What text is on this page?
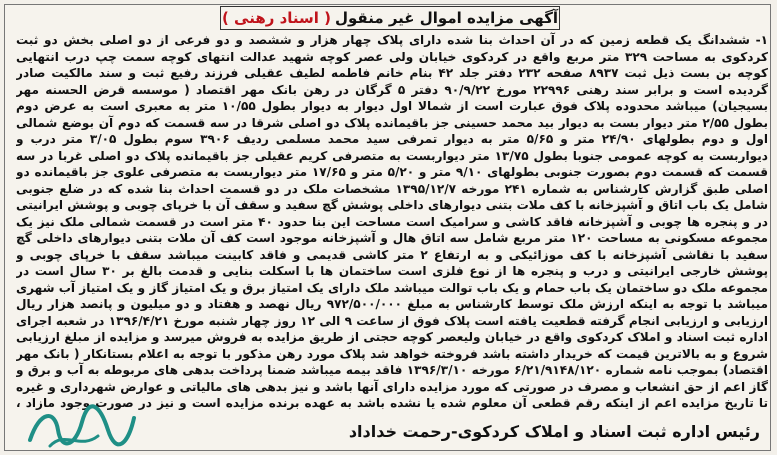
آگهی مزایده اموال غیر منقول
( اسناد رهنی )
۱- ششدانگ یک قطعه زمین که در آن احداث بنا شده دارای پلاک چهار هزار و ششصد و دو فرعی از دو اصلی بخش دو ثبت کردکوی به مساحت ۳۲۹ متر مربع واقع در کردکوی خیابان ولی عصر کوچه شهید عدالت انتهای کوچه سمت چپ درب انتهایی کوچه بن بست ذیل ثبت ۸۹۳۷ صفحه ۲۳۲ دفتر جلد ۴۲ بنام خانم فاطمه لطیف عقیلی فرزند رفیع ثبت و سند مالکیت صادر گردیده است و برابر سند رهنی ۲۲۹۹۶ مورخ ۹۰/۹/۲۲ دفتر ۵ گرگان در رهن بانک مهر اقتصاد ( موسسه قرض الحسنه مهر بسیجیان) میباشد محدوده پلاک فوق عبارت است از شمالا اول دیوار به دیوار بطول ۱۰/۵۵ متر به معبری است به عرض دوم بطول ۲/۵۵ متر دیوار بست به دیوار بید محمد حسینی جز باقیمانده پلاک دو اصلی شرقا در سه قسمت که دوم آن بوضع شمالی اول و دوم بطولهای ۲۴/۹۰ متر و ۵/۶۵ متر به دیوار تمرفی سید محمد مسلمی ردیف ۳۹۰۶ سوم بطول ۳/۰۵ متر درب و دیواربست به کوچه عمومی جنوبا بطول ۱۳/۷۵ متر دیواربست به متصرفی کریم عقیلی جز باقیمانده پلاک دو اصلی غربا در سه قسمت که قسمت دوم بصورت جنوبی بطولهای ۹/۱۰ متر و ۵/۲۰ متر و ۱۷/۶۵ متر دیواربست به متصرفی علوی جز باقیمانده دو اصلی طبق گزارش کارشناس به شماره ۲۴۱ مورخه ۱۳۹۵/۱۲/۷ مشخصات ملک در دو قسمت احداث بنا شده که در ضلع جنوبی شامل یک باب اتاق و آشپزخانه با کف ملات بتنی دیوارهای داخلی پوشش گچ سفید و سقف آن با خرپای چوبی و پوشش ایرانیتی در و پنجره ها چوبی و آشپزخانه فاقد کاشی و سرامیک است مساحت این بنا حدود ۴۰ متر است در قسمت شمالی ملک نیز یک مجموعه مسکونی به مساحت ۱۲۰ متر مربع شامل سه اتاق هال و آشپزخانه موجود است کف آن ملات بتنی دیوارهای داخلی گچ سفید با نقاشی آشپزخانه با کف موزائیکی و به ارتفاع ۲ متر کاشی قدیمی و فاقد کابینت میباشد سقف با خرپای چوبی و پوشش خارجی ایرانیتی و درب و پنجره ها از نوع فلزی است ساختمان ها با اسکلت بنایی و قدمت بالغ بر ۳۰ سال است در مجموعه ملک دو ساختمان یک باب حمام و یک باب توالت میباشد ملک دارای یک امتیاز برق و یک امتیاز گاز و یک امتیاز آب شهری میباشد با توجه به اینکه ارزش ملک توسط کارشناس به مبلغ ۹۷۲/۵۰۰/۰۰۰ ریال نهصد و هفتاد و دو میلیون و پانصد هزار ریال ارزیابی و ارزیابی انجام گرفته قطعیت یافته است پلاک فوق از ساعت ۹ الی ۱۲ روز چهار شنبه مورخ ۱۳۹۶/۴/۲۱ در شعبه اجرای اداره ثبت اسناد و املاک کردکوی واقع در خیابان ولیعصر کوچه حجتی از طریق مزایده به فروش میرسد و مزایده از مبلغ ارزیابی شروع و به بالاترین قیمت که خریدار داشته باشد فروخته خواهد شد پلاک مورد رهن مذکور با توجه به اعلام بستانکار ( بانک مهر اقتصاد) بموجب نامه شماره ۶/۲۱/۹۱۴۸/۱۲۰ مورخه ۱۳۹۶/۳/۱۰ فاقد بیمه میباشد ضمنا پرداخت بدهی های مربوطه به آب و برق و گاز اعم از حق انشعاب و مصرف در صورتی که مورد مزایده دارای آنها باشد و نیز بدهی های مالیاتی و عوارض شهرداری و غیره تا تاریخ مزایده اعم از اینکه رقم قطعی آن معلوم شده یا نشده باشد به عهده برنده مزایده است و نیز در صورت وجود مازاد ،
رئیس اداره ثبت اسناد و املاک کردکوی-رحمت خداداد
